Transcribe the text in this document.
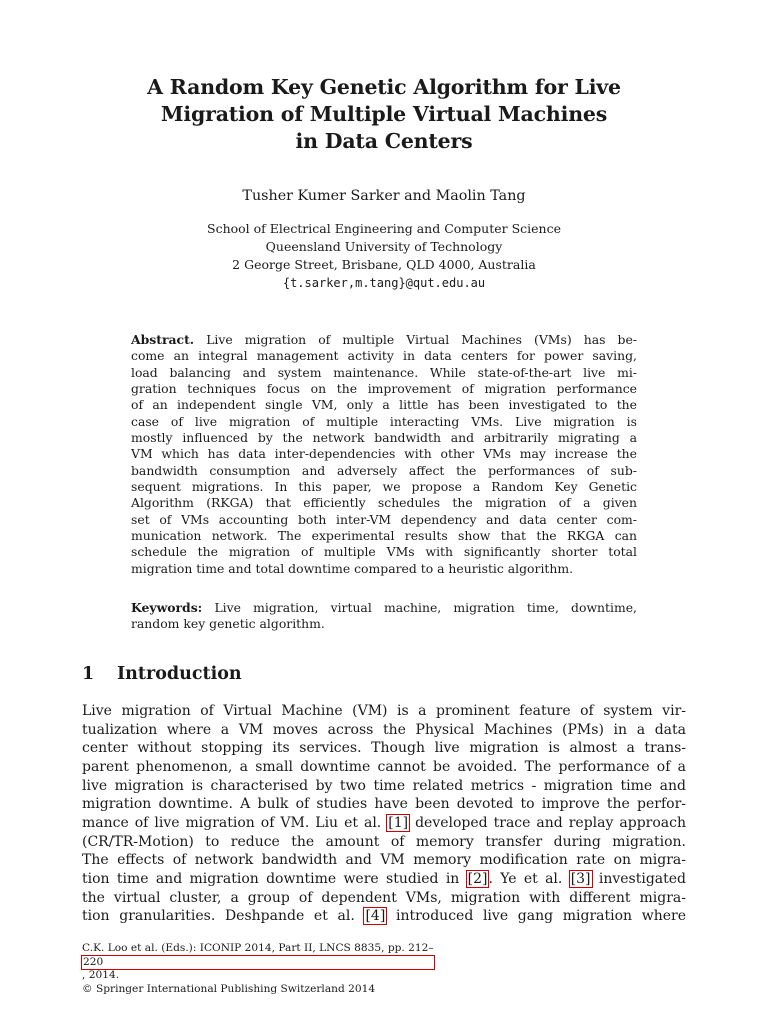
A Random Key Genetic Algorithm for Live
Migration of Multiple Virtual Machines
in Data Centers
Tusher Kumer Sarker and Maolin Tang
School of Electrical Engineering and Computer Science
Queensland University of Technology
2 George Street, Brisbane, QLD 4000, Australia
{t.sarker,m.tang}@qut.edu.au
Abstract. Live migration of multiple Virtual Machines (VMs) has be-
come an integral management activity in data centers for power saving,
load balancing and system maintenance. While state-of-the-art live mi-
gration techniques focus on the improvement of migration performance
of an independent single VM, only a little has been investigated to the
case of live migration of multiple interacting VMs. Live migration is
mostly influenced by the network bandwidth and arbitrarily migrating a
VM which has data inter-dependencies with other VMs may increase the
bandwidth consumption and adversely affect the performances of sub-
sequent migrations. In this paper, we propose a Random Key Genetic
Algorithm (RKGA) that efficiently schedules the migration of a given
set of VMs accounting both inter-VM dependency and data center com-
munication network. The experimental results show that the RKGA can
schedule the migration of multiple VMs with significantly shorter total
migration time and total downtime compared to a heuristic algorithm.
Keywords: Live migration, virtual machine, migration time, downtime,
random key genetic algorithm.
1 Introduction
Live migration of Virtual Machine (VM) is a prominent feature of system vir-
tualization where a VM moves across the Physical Machines (PMs) in a data
center without stopping its services. Though live migration is almost a trans-
parent phenomenon, a small downtime cannot be avoided. The performance of a
live migration is characterised by two time related metrics - migration time and
migration downtime. A bulk of studies have been devoted to improve the perfor-
mance of live migration of VM. Liu et al. [1] developed trace and replay approach
(CR/TR-Motion) to reduce the amount of memory transfer during migration.
The effects of network bandwidth and VM memory modification rate on migra-
tion time and migration downtime were studied in [2]. Ye et al. [3] investigated
the virtual cluster, a group of dependent VMs, migration with different migra-
tion granularities. Deshpande et al. [4] introduced live gang migration where
C.K. Loo et al. (Eds.): ICONIP 2014, Part II, LNCS 8835, pp. 212–
220
, 2014.
© Springer International Publishing Switzerland 2014
